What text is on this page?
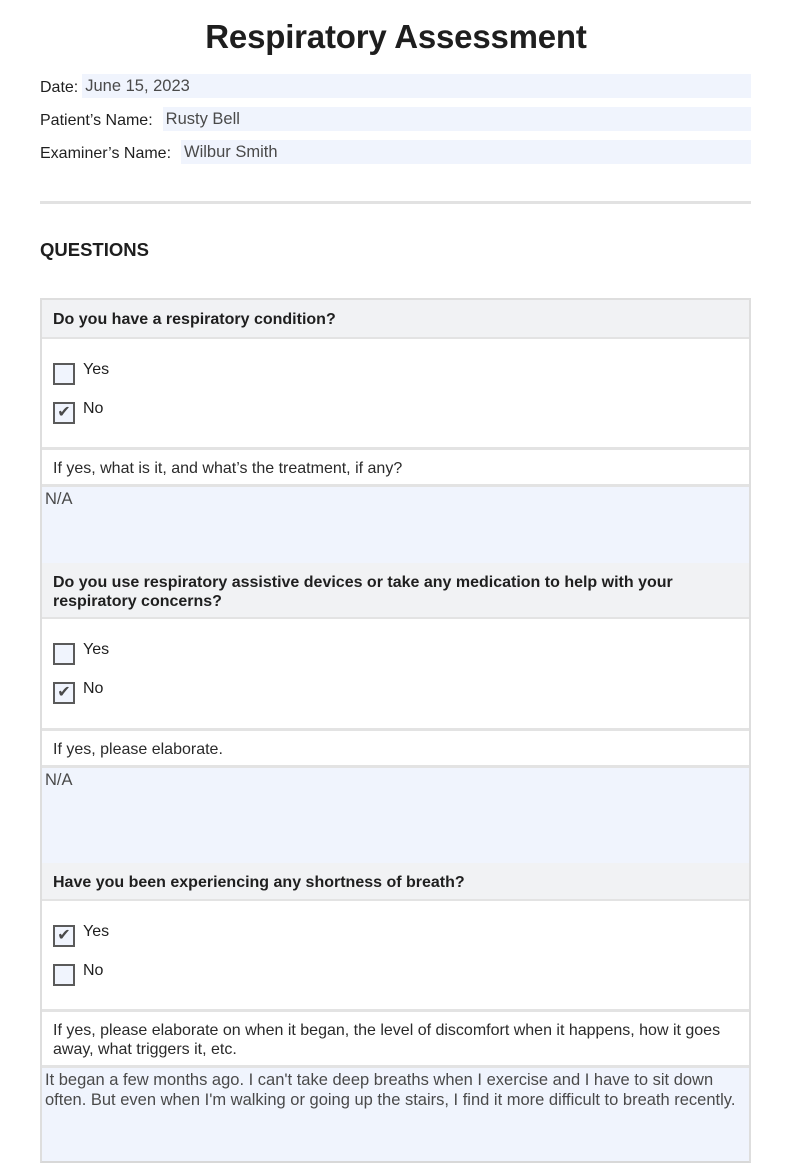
Respiratory Assessment
Date: June 15, 2023
Patient’s Name: Rusty Bell
Examiner’s Name: Wilbur Smith
QUESTIONS
Do you have a respiratory condition?
Yes
✔ No
If yes, what is it, and what’s the treatment, if any?
N/A
Do you use respiratory assistive devices or take any medication to help with your respiratory concerns?
Yes
✔ No
If yes, please elaborate.
N/A
Have you been experiencing any shortness of breath?
✔ Yes
No
If yes, please elaborate on when it began, the level of discomfort when it happens, how it goes away, what triggers it, etc.
It began a few months ago. I can't take deep breaths when I exercise and I have to sit down often. But even when I'm walking or going up the stairs, I find it more difficult to breath recently.
